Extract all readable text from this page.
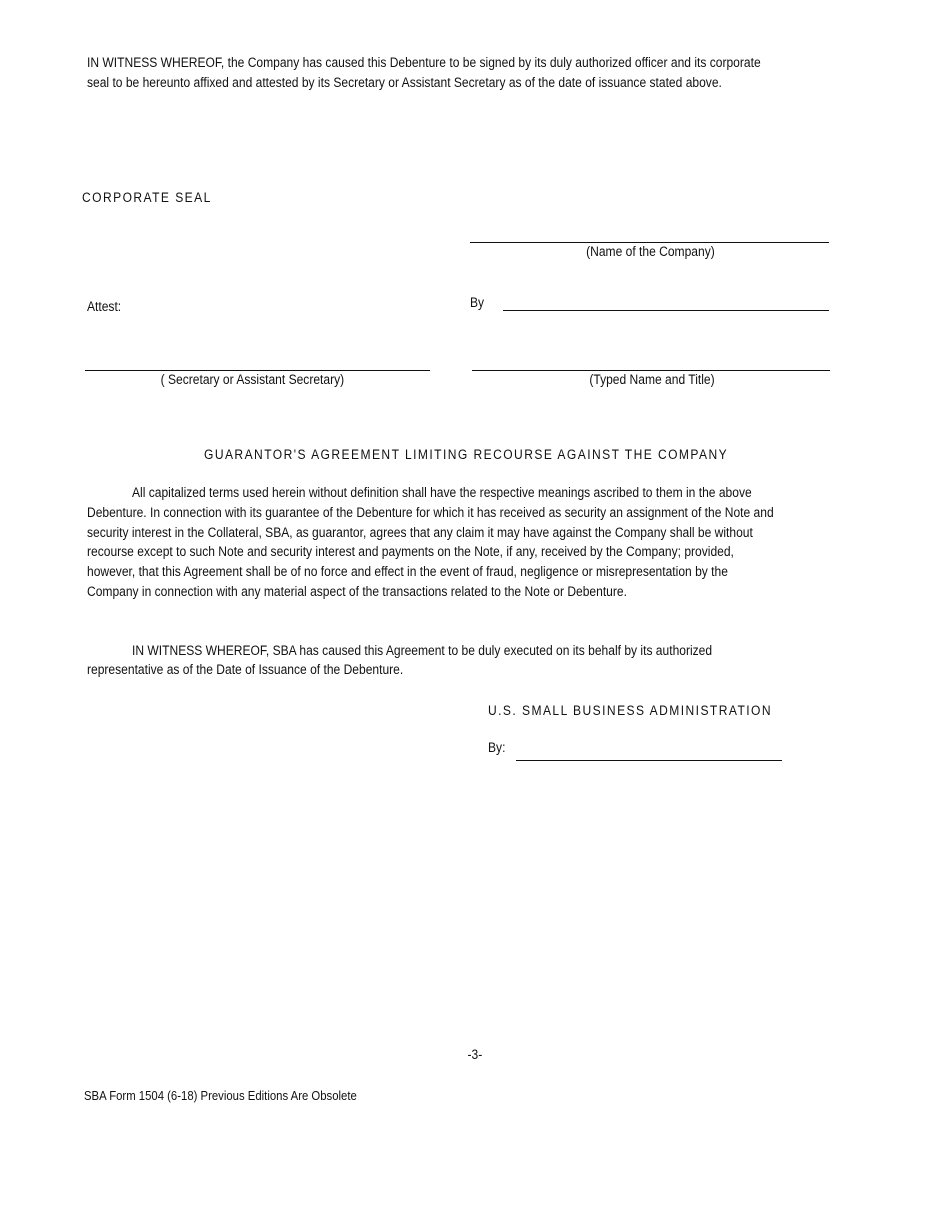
IN WITNESS WHEREOF, the Company has caused this Debenture to be signed by its duly authorized officer and its corporate
seal to be hereunto affixed and attested by its Secretary or Assistant Secretary as of the date of issuance stated above.
CORPORATE SEAL
(Name of the Company)
Attest:	By
( Secretary or Assistant Secretary)	(Typed Name and Title)
GUARANTOR'S AGREEMENT LIMITING RECOURSE AGAINST THE COMPANY
All capitalized terms used herein without definition shall have the respective meanings ascribed to them in the above
Debenture. In connection with its guarantee of the Debenture for which it has received as security an assignment of the Note and
security interest in the Collateral, SBA, as guarantor, agrees that any claim it may have against the Company shall be without
recourse except to such Note and security interest and payments on the Note, if any, received by the Company; provided,
however, that this Agreement shall be of no force and effect in the event of fraud, negligence or misrepresentation by the
Company in connection with any material aspect of the transactions related to the Note or Debenture.
IN WITNESS WHEREOF, SBA has caused this Agreement to be duly executed on its behalf by its authorized
representative as of the Date of Issuance of the Debenture.
U.S. SMALL BUSINESS ADMINISTRATION
By:
-3-
SBA Form 1504 (6-18) Previous Editions Are Obsolete
